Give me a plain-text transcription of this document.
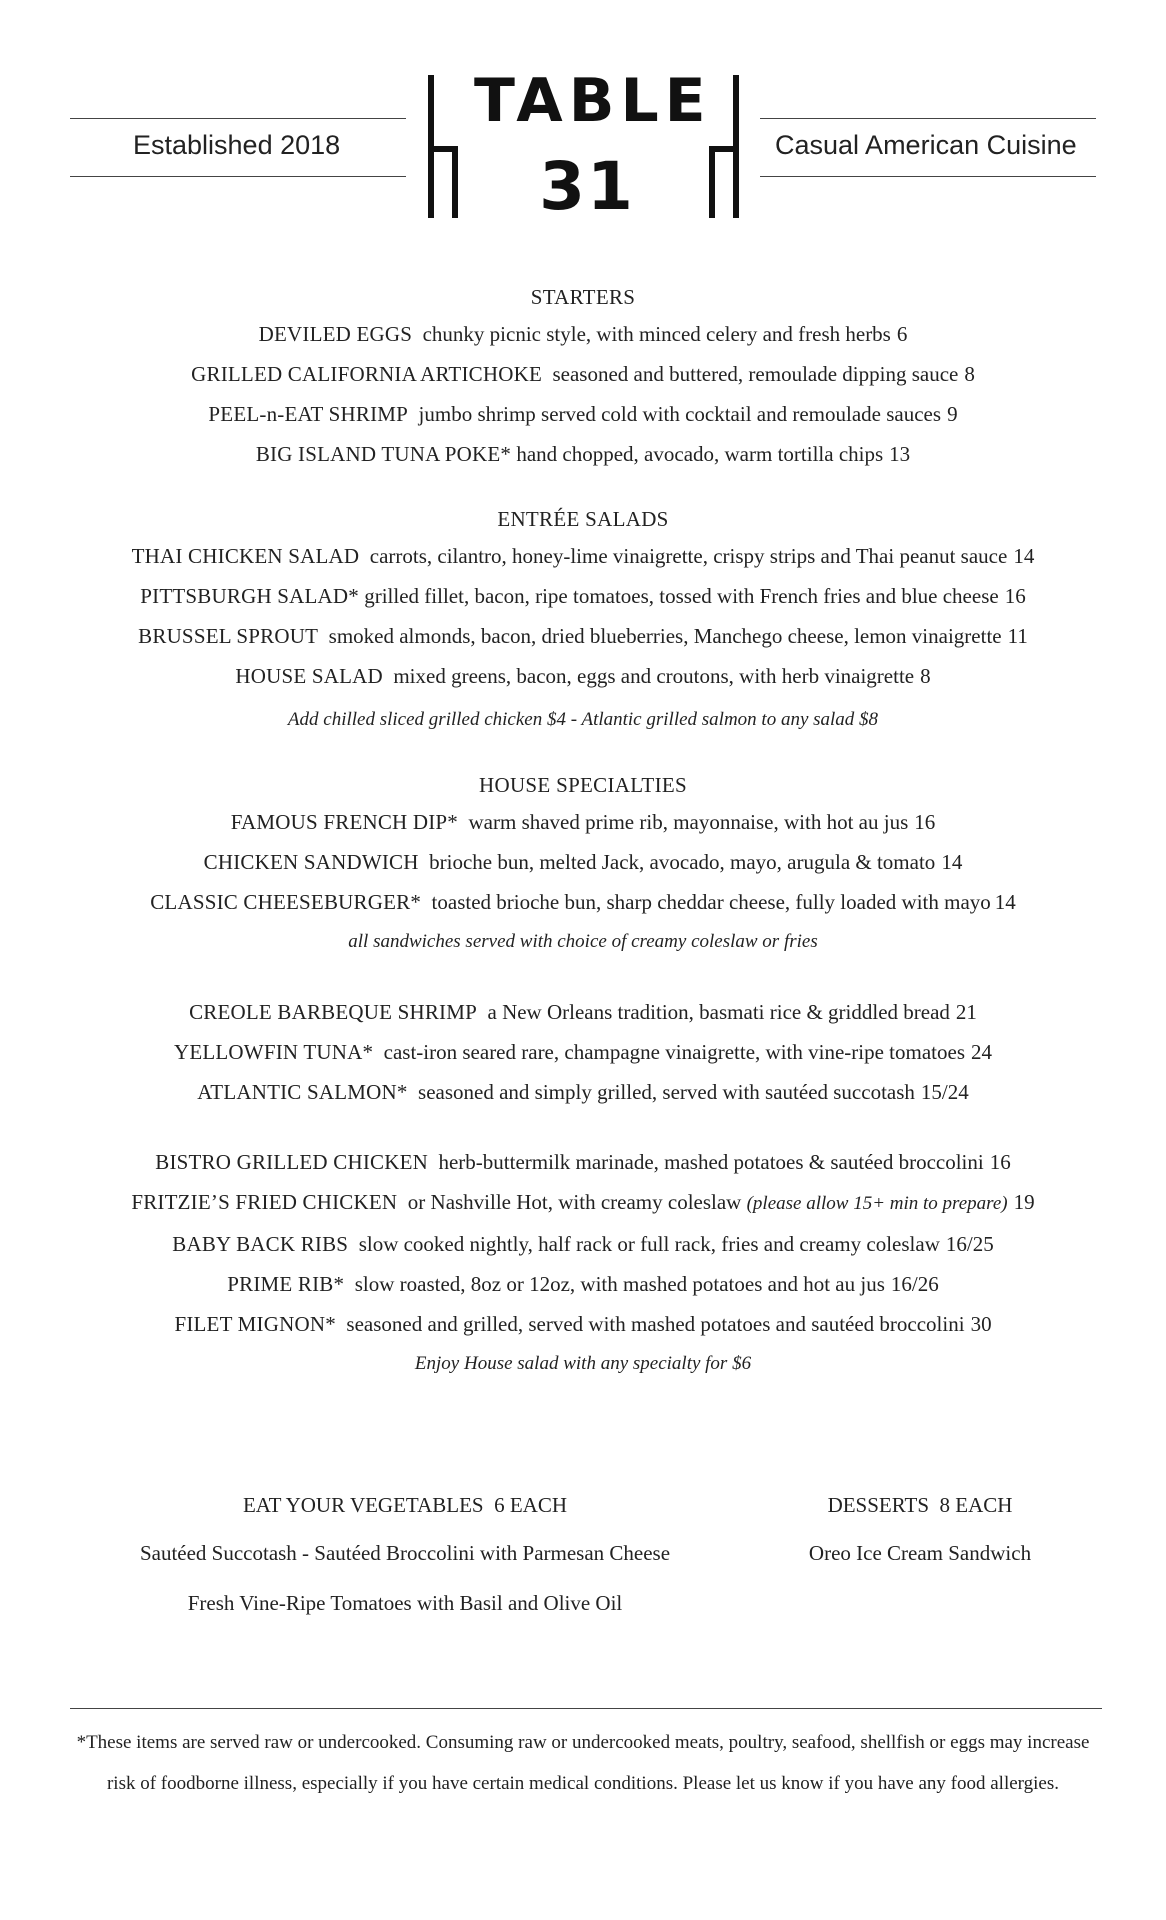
Established 2018	Casual American Cuisine
TABLE
31
STARTERS
DEVILED EGGS chunky picnic style, with minced celery and fresh herbs 6
GRILLED CALIFORNIA ARTICHOKE seasoned and buttered, remoulade dipping sauce 8
PEEL-n-EAT SHRIMP jumbo shrimp served cold with cocktail and remoulade sauces 9
BIG ISLAND TUNA POKE* hand chopped, avocado, warm tortilla chips 13
ENTRÉE SALADS
THAI CHICKEN SALAD carrots, cilantro, honey-lime vinaigrette, crispy strips and Thai peanut sauce 14
PITTSBURGH SALAD* grilled fillet, bacon, ripe tomatoes, tossed with French fries and blue cheese 16
BRUSSEL SPROUT smoked almonds, bacon, dried blueberries, Manchego cheese, lemon vinaigrette 11
HOUSE SALAD mixed greens, bacon, eggs and croutons, with herb vinaigrette 8
Add chilled sliced grilled chicken $4 - Atlantic grilled salmon to any salad $8
HOUSE SPECIALTIES
FAMOUS FRENCH DIP* warm shaved prime rib, mayonnaise, with hot au jus 16
CHICKEN SANDWICH brioche bun, melted Jack, avocado, mayo, arugula & tomato 14
CLASSIC CHEESEBURGER* toasted brioche bun, sharp cheddar cheese, fully loaded with mayo 14
all sandwiches served with choice of creamy coleslaw or fries
CREOLE BARBEQUE SHRIMP a New Orleans tradition, basmati rice & griddled bread 21
YELLOWFIN TUNA* cast-iron seared rare, champagne vinaigrette, with vine-ripe tomatoes 24
ATLANTIC SALMON* seasoned and simply grilled, served with sautéed succotash 15/24
BISTRO GRILLED CHICKEN herb-buttermilk marinade, mashed potatoes & sautéed broccolini 16
FRITZIE’S FRIED CHICKEN or Nashville Hot, with creamy coleslaw (please allow 15+ min to prepare) 19
BABY BACK RIBS slow cooked nightly, half rack or full rack, fries and creamy coleslaw 16/25
PRIME RIB* slow roasted, 8oz or 12oz, with mashed potatoes and hot au jus 16/26
FILET MIGNON* seasoned and grilled, served with mashed potatoes and sautéed broccolini 30
Enjoy House salad with any specialty for $6
EAT YOUR VEGETABLES 6 EACH
Sautéed Succotash - Sautéed Broccolini with Parmesan Cheese
Fresh Vine-Ripe Tomatoes with Basil and Olive Oil
DESSERTS 8 EACH
Oreo Ice Cream Sandwich
*These items are served raw or undercooked. Consuming raw or undercooked meats, poultry, seafood, shellfish or eggs may increase risk of foodborne illness, especially if you have certain medical conditions. Please let us know if you have any food allergies.
